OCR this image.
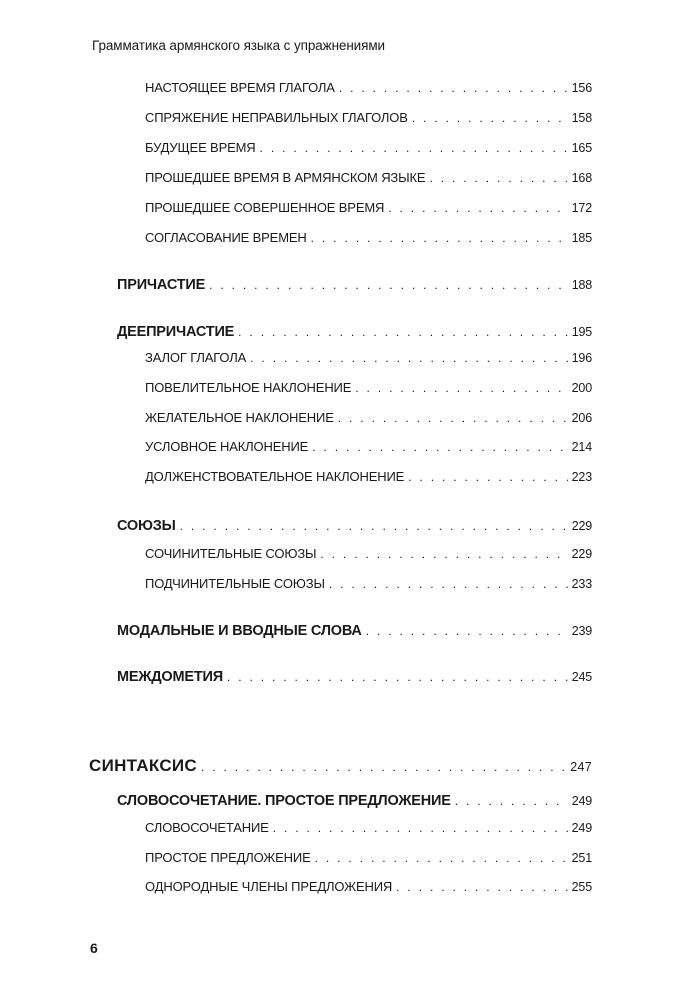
Грамматика армянского языка с упражнениями
НАСТОЯЩЕЕ ВРЕМЯ ГЛАГОЛА . . .	156
СПРЯЖЕНИЕ НЕПРАВИЛЬНЫХ ГЛАГОЛОВ . . .	158
БУДУЩЕЕ ВРЕМЯ . . .	165
ПРОШЕДШЕЕ ВРЕМЯ В АРМЯНСКОМ ЯЗЫКЕ . . .	168
ПРОШЕДШЕЕ СОВЕРШЕННОЕ ВРЕМЯ . . .	172
СОГЛАСОВАНИЕ ВРЕМЕН . . .	185
ПРИЧАСТИЕ . . .	188
ДЕЕПРИЧАСТИЕ . . .	195
ЗАЛОГ ГЛАГОЛА . . .	196
ПОВЕЛИТЕЛЬНОЕ НАКЛОНЕНИЕ . . .	200
ЖЕЛАТЕЛЬНОЕ НАКЛОНЕНИЕ . . .	206
УСЛОВНОЕ НАКЛОНЕНИЕ . . .	214
ДОЛЖЕНСТВОВАТЕЛЬНОЕ НАКЛОНЕНИЕ . . .	223
СОЮЗЫ . . .	229
СОЧИНИТЕЛЬНЫЕ СОЮЗЫ . . .	229
ПОДЧИНИТЕЛЬНЫЕ СОЮЗЫ . . .	233
МОДАЛЬНЫЕ И ВВОДНЫЕ СЛОВА . . .	239
МЕЖДОМЕТИЯ . . .	245
СИНТАКСИС . . .	247
СЛОВОСОЧЕТАНИЕ. ПРОСТОЕ ПРЕДЛОЖЕНИЕ . . .	249
СЛОВОСОЧЕТАНИЕ . . .	249
ПРОСТОЕ ПРЕДЛОЖЕНИЕ . . .	251
ОДНОРОДНЫЕ ЧЛЕНЫ ПРЕДЛОЖЕНИЯ . . .	255
6
